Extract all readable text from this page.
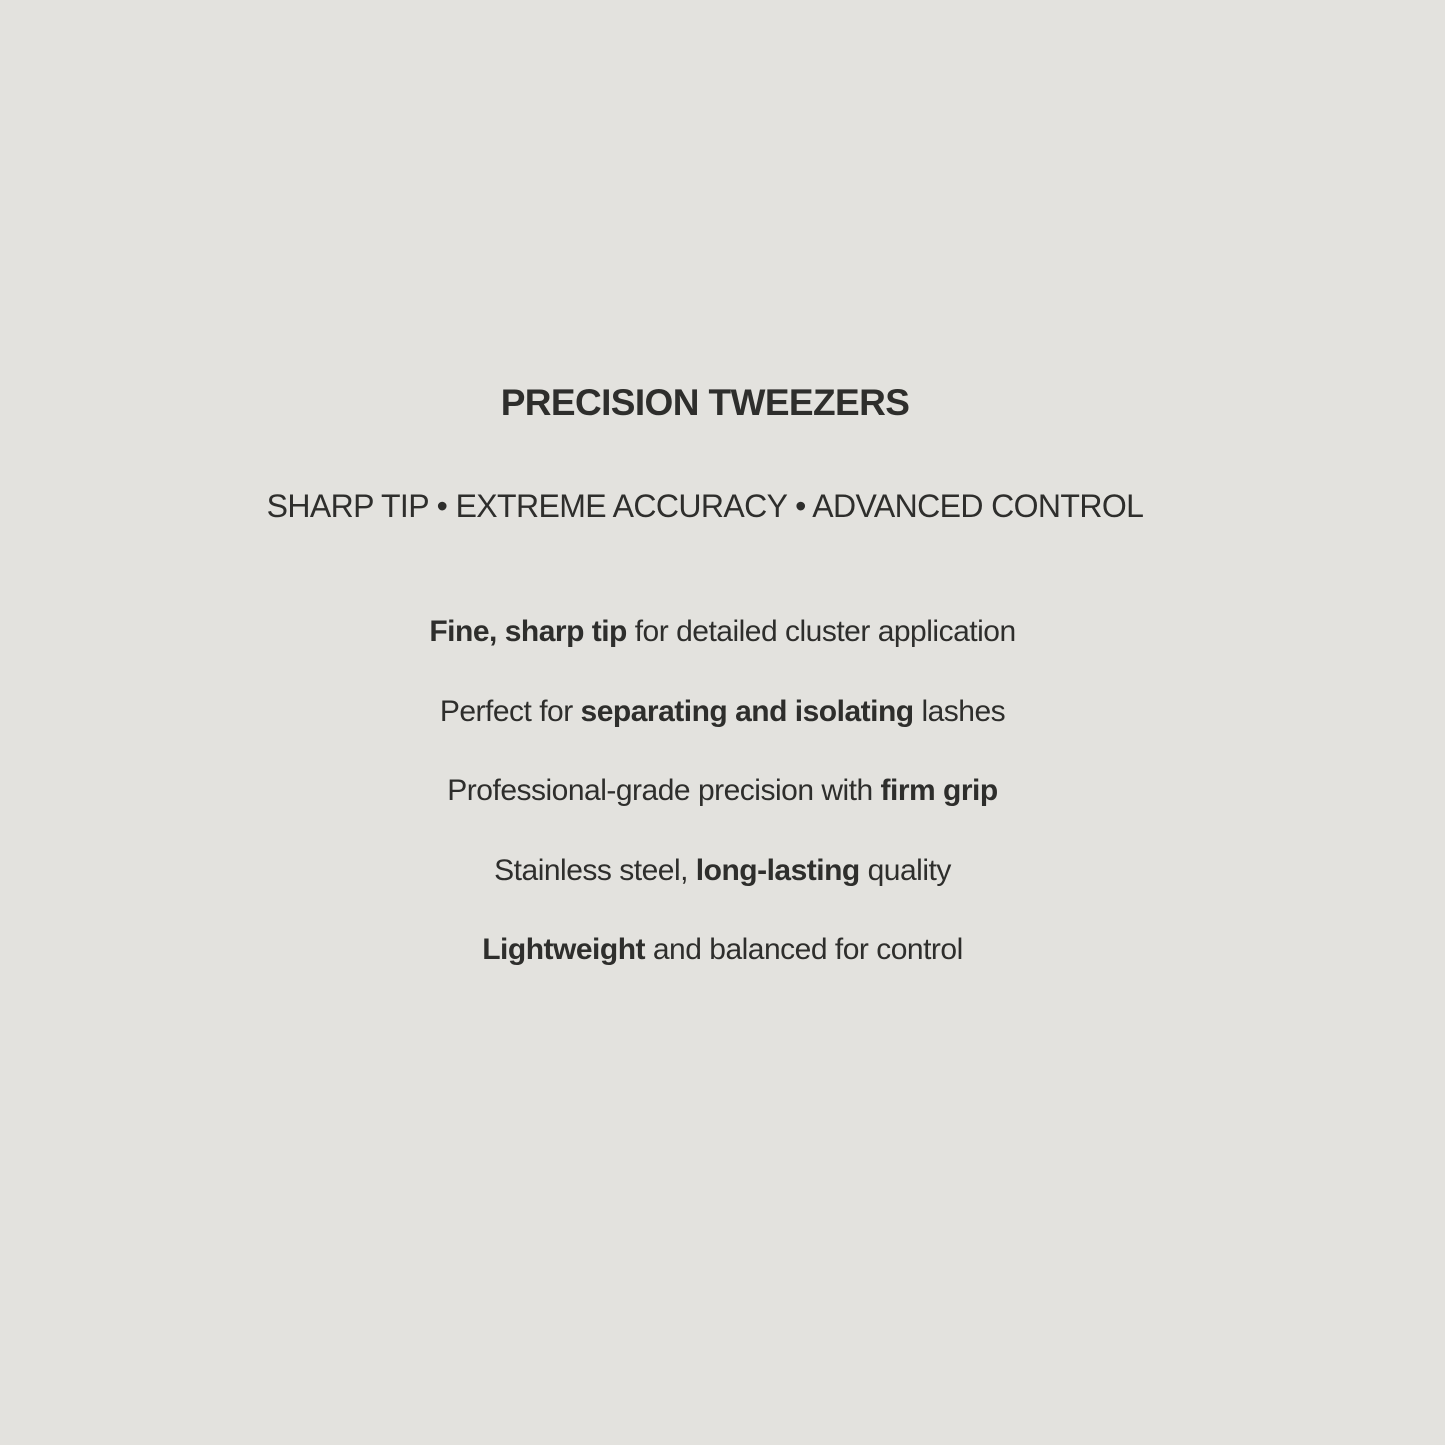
PRECISION TWEEZERS
SHARP TIP • EXTREME ACCURACY • ADVANCED CONTROL
Fine, sharp tip for detailed cluster application
Perfect for separating and isolating lashes
Professional-grade precision with firm grip
Stainless steel, long-lasting quality
Lightweight and balanced for control
